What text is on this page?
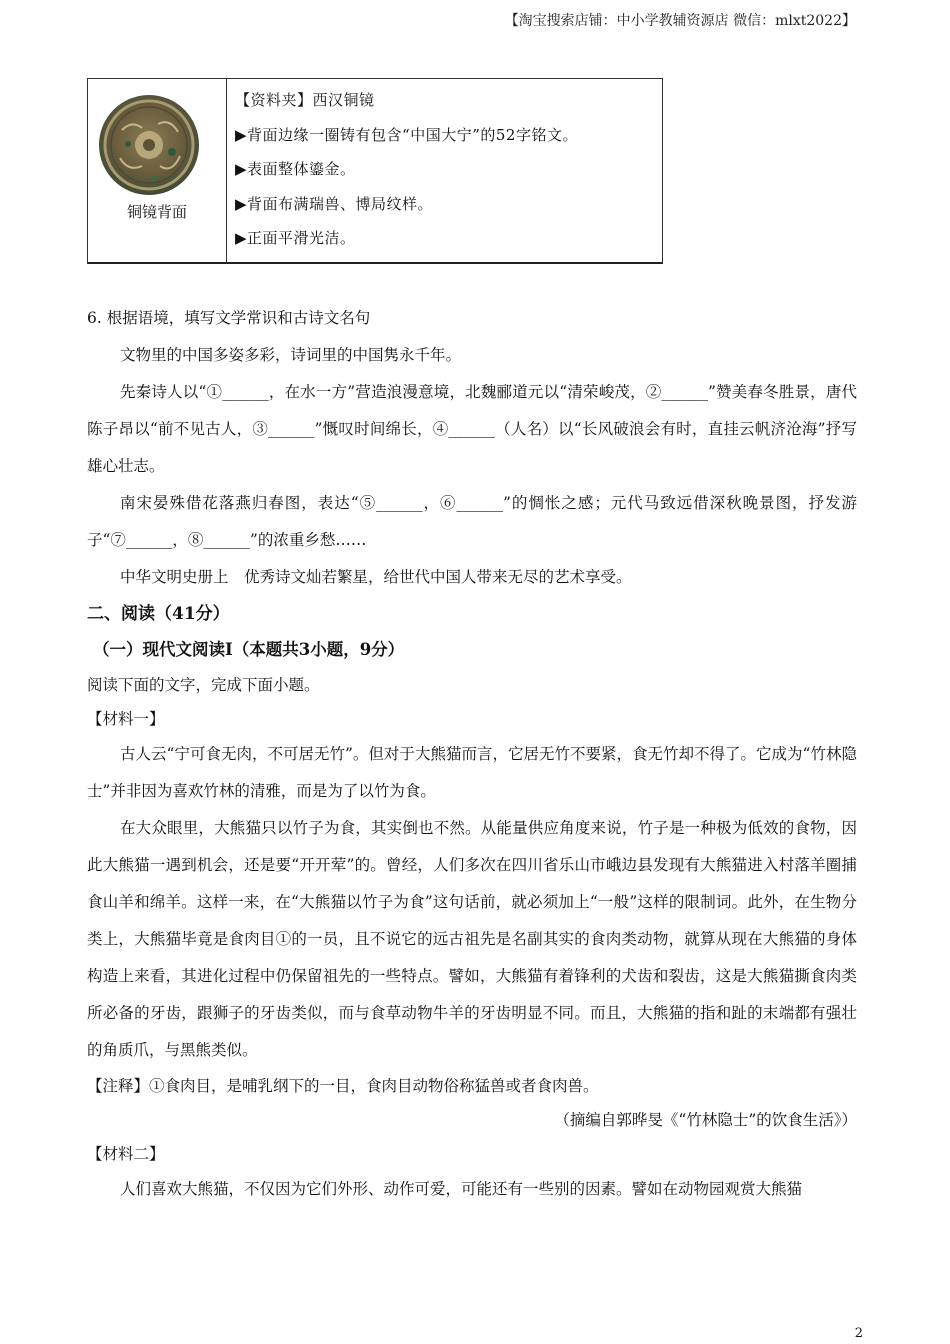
【淘宝搜索店铺：中小学教辅资源店 微信：mlxt2022】
铜镜背面
【资料夹】西汉铜镜
▶背面边缘一圈铸有包含“中国大宁”的52字铭文。
▶表面整体鎏金。
▶背面布满瑞兽、博局纹样。
▶正面平滑光洁。

6. 根据语境，填写文学常识和古诗文名句

文物里的中国多姿多彩，诗词里的中国隽永千年。

先秦诗人以“①______，在水一方”营造浪漫意境，北魏郦道元以“清荣峻茂，②______”赞美春冬胜景，唐代陈子昂以“前不见古人，③______”慨叹时间绵长，④______（人名）以“长风破浪会有时，直挂云帆济沧海”抒写雄心壮志。

南宋晏殊借花落燕归春图，表达“⑤______，⑥______”的惆怅之感；元代马致远借深秋晚景图，抒发游子“⑦______，⑧______”的浓重乡愁……

中华文明史册上　优秀诗文灿若繁星，给世代中国人带来无尽的艺术享受。

二、阅读（41分）

（一）现代文阅读Ⅰ（本题共3小题，9分）

阅读下面的文字，完成下面小题。

【材料一】

古人云“宁可食无肉，不可居无竹”。但对于大熊猫而言，它居无竹不要紧，食无竹却不得了。它成为“竹林隐士”并非因为喜欢竹林的清雅，而是为了以竹为食。

在大众眼里，大熊猫只以竹子为食，其实倒也不然。从能量供应角度来说，竹子是一种极为低效的食物，因此大熊猫一遇到机会，还是要“开开荤”的。曾经，人们多次在四川省乐山市峨边县发现有大熊猫进入村落羊圈捕食山羊和绵羊。这样一来，在“大熊猫以竹子为食”这句话前，就必须加上“一般”这样的限制词。此外，在生物分类上，大熊猫毕竟是食肉目①的一员，且不说它的远古祖先是名副其实的食肉类动物，就算从现在大熊猫的身体构造上来看，其进化过程中仍保留祖先的一些特点。譬如，大熊猫有着锋利的犬齿和裂齿，这是大熊猫撕食肉类所必备的牙齿，跟狮子的牙齿类似，而与食草动物牛羊的牙齿明显不同。而且，大熊猫的指和趾的末端都有强壮的角质爪，与黑熊类似。

【注释】①食肉目，是哺乳纲下的一目，食肉目动物俗称猛兽或者食肉兽。

（摘编自郭晔旻《“竹林隐士”的饮食生活》）

【材料二】

人们喜欢大熊猫，不仅因为它们外形、动作可爱，可能还有一些别的因素。譬如在动物园观赏大熊猫

2
